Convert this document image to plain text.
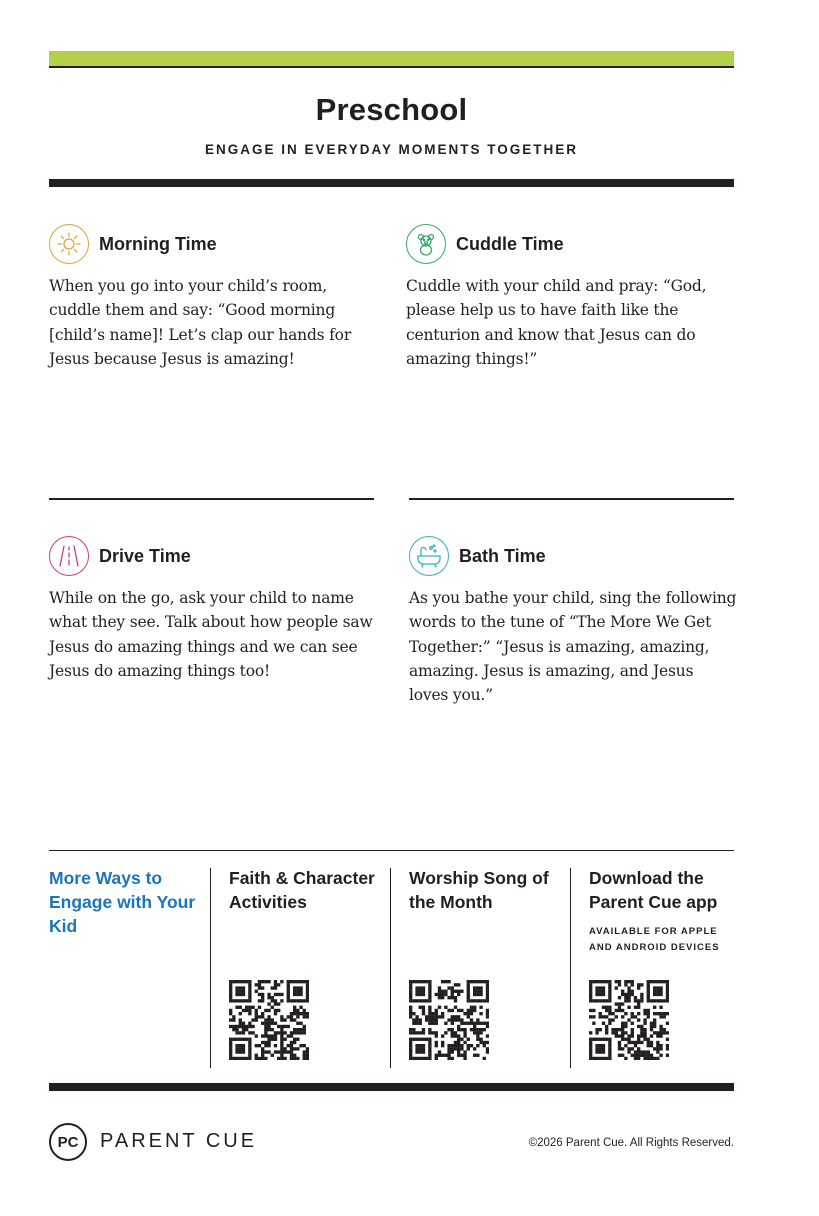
Preschool
ENGAGE IN EVERYDAY MOMENTS TOGETHER
Morning Time
When you go into your child’s room, cuddle them and say: “Good morning [child’s name]! Let’s clap our hands for Jesus because Jesus is amazing!
Cuddle Time
Cuddle with your child and pray: “God, please help us to have faith like the centurion and know that Jesus can do amazing things!”
Drive Time
While on the go, ask your child to name what they see. Talk about how people saw Jesus do amazing things and we can see Jesus do amazing things too!
Bath Time
As you bathe your child, sing the following words to the tune of “The More We Get Together:” “Jesus is amazing, amazing, amazing. Jesus is amazing, and Jesus loves you.”
More Ways to Engage with Your Kid
Faith & Character Activities
Worship Song of the Month
Download the Parent Cue app
AVAILABLE FOR APPLE AND ANDROID DEVICES
PC PARENT CUE	©2026 Parent Cue. All Rights Reserved.
